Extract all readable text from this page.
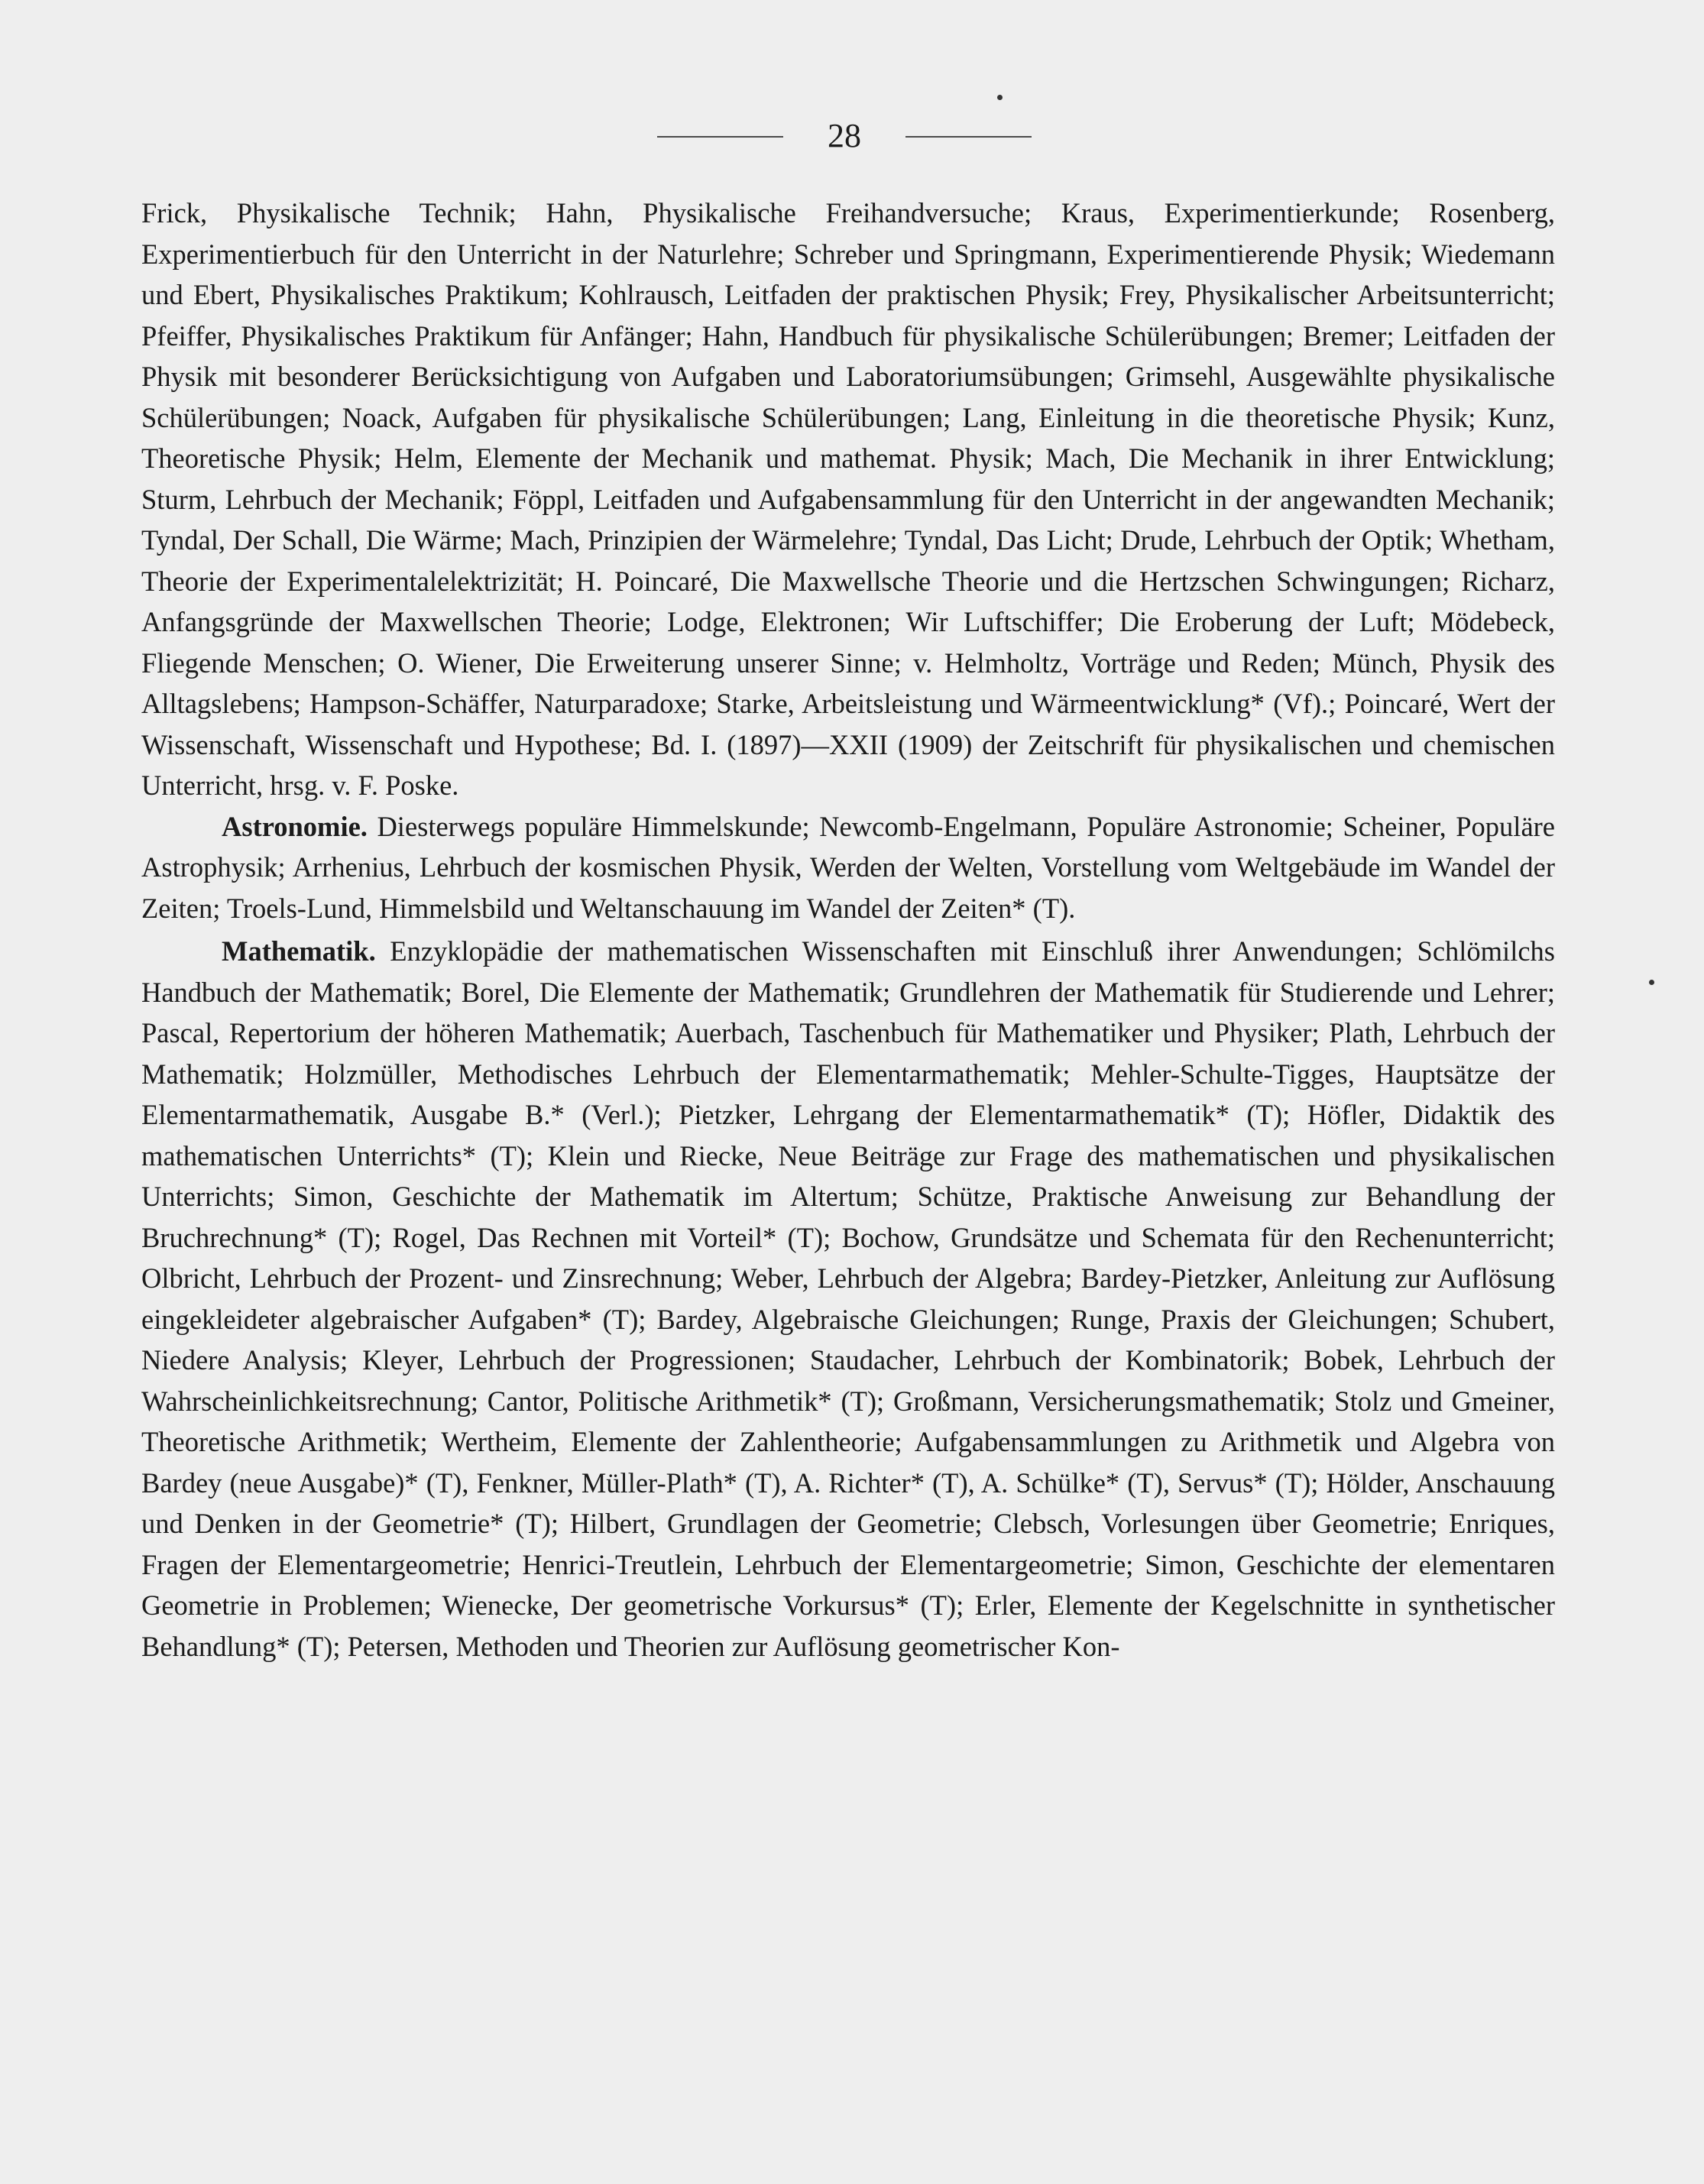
28

Frick, Physikalische Technik; Hahn, Physikalische Freihandversuche; Kraus, Experimentierkunde; Rosenberg, Experimentierbuch für den Unterricht in der Naturlehre; Schreber und Springmann, Experimentierende Physik; Wiedemann und Ebert, Physikalisches Praktikum; Kohlrausch, Leitfaden der praktischen Physik; Frey, Physikalischer Arbeitsunterricht; Pfeiffer, Physikalisches Praktikum für Anfänger; Hahn, Handbuch für physikalische Schülerübungen; Bremer; Leitfaden der Physik mit besonderer Berücksichtigung von Aufgaben und Laboratoriumsübungen; Grimsehl, Ausgewählte physikalische Schülerübungen; Noack, Aufgaben für physikalische Schülerübungen; Lang, Einleitung in die theoretische Physik; Kunz, Theoretische Physik; Helm, Elemente der Mechanik und mathemat. Physik; Mach, Die Mechanik in ihrer Entwicklung; Sturm, Lehrbuch der Mechanik; Föppl, Leitfaden und Aufgabensammlung für den Unterricht in der angewandten Mechanik; Tyndal, Der Schall, Die Wärme; Mach, Prinzipien der Wärmelehre; Tyndal, Das Licht; Drude, Lehrbuch der Optik; Whetham, Theorie der Experimentalelektrizität; H. Poincaré, Die Maxwellsche Theorie und die Hertzschen Schwingungen; Richarz, Anfangsgründe der Maxwellschen Theorie; Lodge, Elektronen; Wir Luftschiffer; Die Eroberung der Luft; Mödebeck, Fliegende Menschen; O. Wiener, Die Erweiterung unserer Sinne; v. Helmholtz, Vorträge und Reden; Münch, Physik des Alltagslebens; Hampson-Schäffer, Naturparadoxe; Starke, Arbeitsleistung und Wärmeentwicklung* (Vf).; Poincaré, Wert der Wissenschaft, Wissenschaft und Hypothese; Bd. I. (1897)—XXII (1909) der Zeitschrift für physikalischen und chemischen Unterricht, hrsg. v. F. Poske.

Astronomie. Diesterwegs populäre Himmelskunde; Newcomb-Engelmann, Populäre Astronomie; Scheiner, Populäre Astrophysik; Arrhenius, Lehrbuch der kosmischen Physik, Werden der Welten, Vorstellung vom Weltgebäude im Wandel der Zeiten; Troels-Lund, Himmelsbild und Weltanschauung im Wandel der Zeiten* (T).

Mathematik. Enzyklopädie der mathematischen Wissenschaften mit Einschluß ihrer Anwendungen; Schlömilchs Handbuch der Mathematik; Borel, Die Elemente der Mathematik; Grundlehren der Mathematik für Studierende und Lehrer; Pascal, Repertorium der höheren Mathematik; Auerbach, Taschenbuch für Mathematiker und Physiker; Plath, Lehrbuch der Mathematik; Holzmüller, Methodisches Lehrbuch der Elementarmathematik; Mehler-Schulte-Tigges, Hauptsätze der Elementarmathematik, Ausgabe B.* (Verl.); Pietzker, Lehrgang der Elementarmathematik* (T); Höfler, Didaktik des mathematischen Unterrichts* (T); Klein und Riecke, Neue Beiträge zur Frage des mathematischen und physikalischen Unterrichts; Simon, Geschichte der Mathematik im Altertum; Schütze, Praktische Anweisung zur Behandlung der Bruchrechnung* (T); Rogel, Das Rechnen mit Vorteil* (T); Bochow, Grundsätze und Schemata für den Rechenunterricht; Olbricht, Lehrbuch der Prozent- und Zinsrechnung; Weber, Lehrbuch der Algebra; Bardey-Pietzker, Anleitung zur Auflösung eingekleideter algebraischer Aufgaben* (T); Bardey, Algebraische Gleichungen; Runge, Praxis der Gleichungen; Schubert, Niedere Analysis; Kleyer, Lehrbuch der Progressionen; Staudacher, Lehrbuch der Kombinatorik; Bobek, Lehrbuch der Wahrscheinlichkeitsrechnung; Cantor, Politische Arithmetik* (T); Großmann, Versicherungsmathematik; Stolz und Gmeiner, Theoretische Arithmetik; Wertheim, Elemente der Zahlentheorie; Aufgabensammlungen zu Arithmetik und Algebra von Bardey (neue Ausgabe)* (T), Fenkner, Müller-Plath* (T), A. Richter* (T), A. Schülke* (T), Servus* (T); Hölder, Anschauung und Denken in der Geometrie* (T); Hilbert, Grundlagen der Geometrie; Clebsch, Vorlesungen über Geometrie; Enriques, Fragen der Elementargeometrie; Henrici-Treutlein, Lehrbuch der Elementargeometrie; Simon, Geschichte der elementaren Geometrie in Problemen; Wienecke, Der geometrische Vorkursus* (T); Erler, Elemente der Kegelschnitte in synthetischer Behandlung* (T); Petersen, Methoden und Theorien zur Auflösung geometrischer Kon-
